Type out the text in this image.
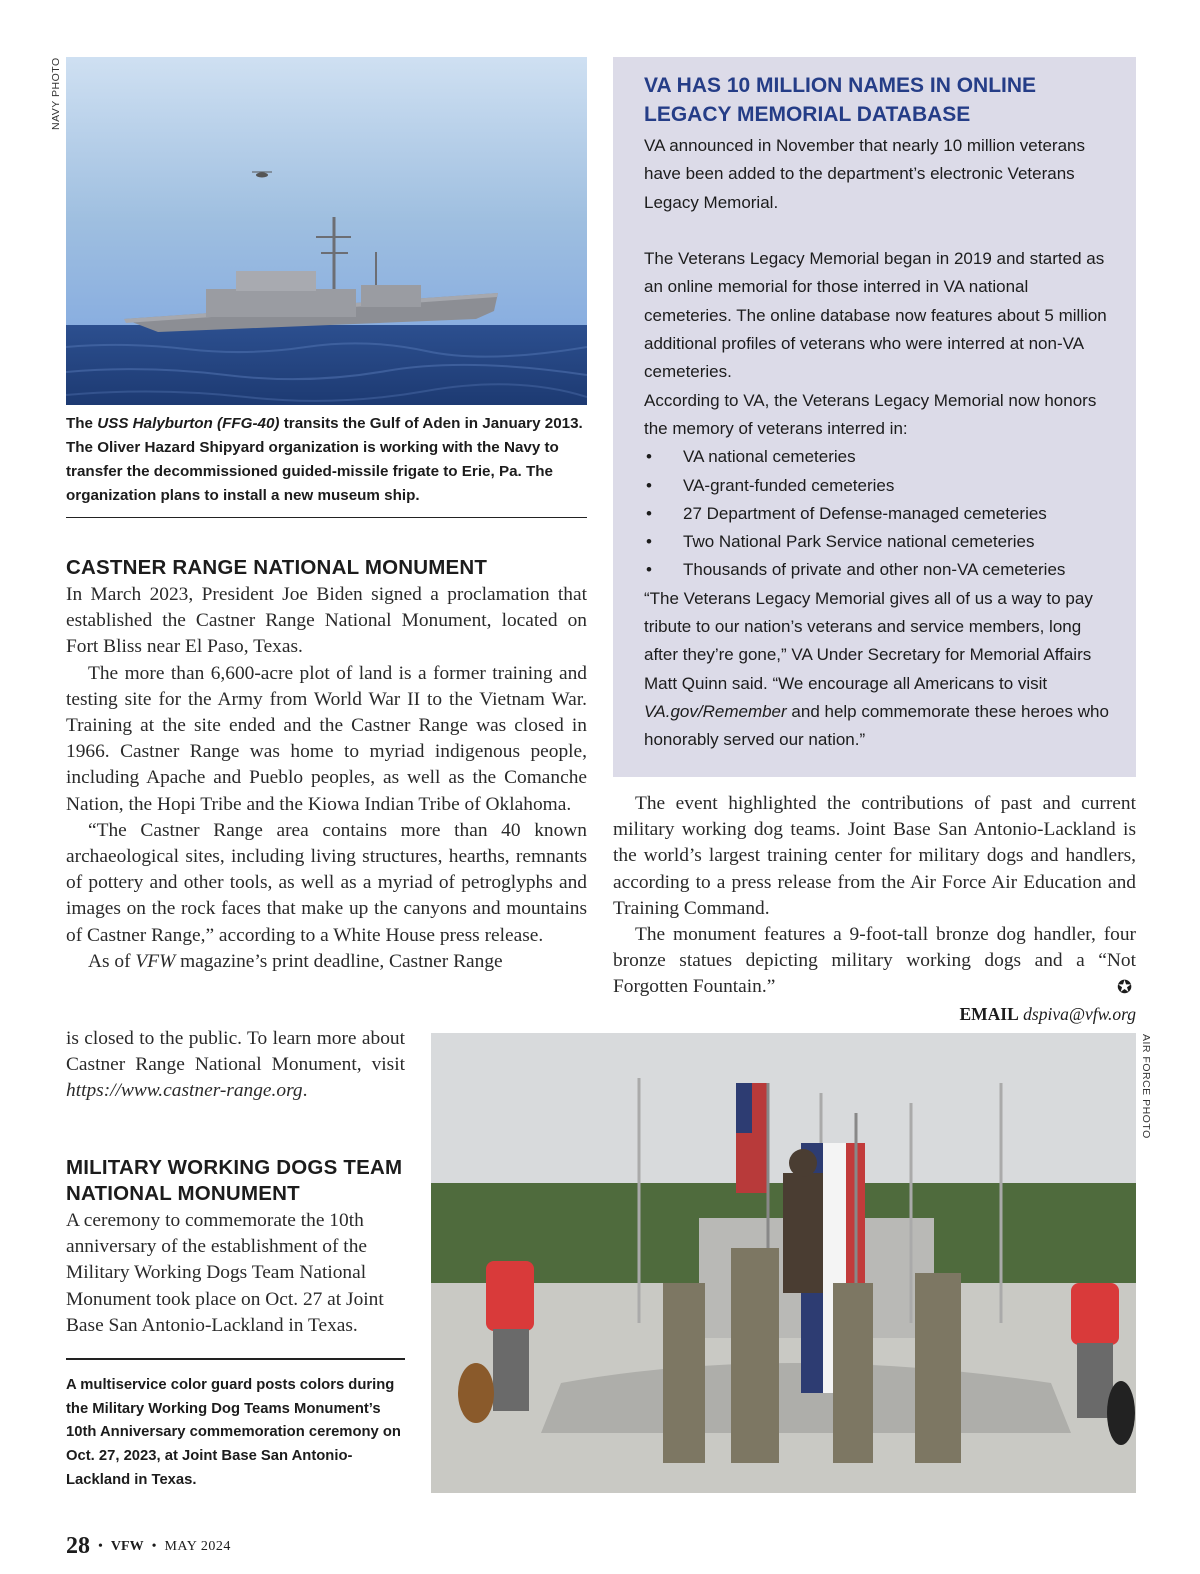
NAVY PHOTO
AIR FORCE PHOTO
The USS Halyburton (FFG-40) transits the Gulf of Aden in January 2013. The Oliver Hazard Shipyard organization is working with the Navy to transfer the decommissioned guided-missile frigate to Erie, Pa. The organization plans to install a new museum ship.
CASTNER RANGE NATIONAL MONUMENT

In March 2023, President Joe Biden signed a proclamation that established the Castner Range National Monument, located on Fort Bliss near El Paso, Texas.

The more than 6,600-acre plot of land is a former training and testing site for the Army from World War II to the Vietnam War. Training at the site ended and the Castner Range was closed in 1966. Castner Range was home to myriad indigenous people, including Apache and Pueblo peoples, as well as the Comanche Nation, the Hopi Tribe and the Kiowa Indian Tribe of Oklahoma.

“The Castner Range area contains more than 40 known archaeological sites, including living structures, hearths, remnants of pottery and other tools, as well as a myriad of petroglyphs and images on the rock faces that make up the canyons and mountains of Castner Range,” according to a White House press release.

As of VFW magazine’s print deadline, Castner Range

is closed to the public. To learn more about Castner Range National Monument, visit https://www.castner-range.org.
MILITARY WORKING DOGS TEAM NATIONAL MONUMENT
A ceremony to commemorate the 10th anniversary of the establishment of the Military Working Dogs Team National Monument took place on Oct. 27 at Joint Base San Antonio-Lackland in Texas.
A multiservice color guard posts colors during the Military Working Dog Teams Monument’s 10th Anniversary commemoration ceremony on Oct. 27, 2023, at Joint Base San Antonio-Lackland in Texas.
VA HAS 10 MILLION NAMES IN ONLINE LEGACY MEMORIAL DATABASE

VA announced in November that nearly 10 million veterans have been added to the department’s electronic Veterans Legacy Memorial.

The Veterans Legacy Memorial began in 2019 and started as an online memorial for those interred in VA national cemeteries. The online database now features about 5 million additional profiles of veterans who were interred at non-VA cemeteries.

According to VA, the Veterans Legacy Memorial now honors the memory of veterans interred in:

• VA national cemeteries
• VA-grant-funded cemeteries
• 27 Department of Defense-managed cemeteries
• Two National Park Service national cemeteries
• Thousands of private and other non-VA cemeteries

“The Veterans Legacy Memorial gives all of us a way to pay tribute to our nation’s veterans and service members, long after they’re gone,” VA Under Secretary for Memorial Affairs Matt Quinn said. “We encourage all Americans to visit VA.gov/Remember and help commemorate these heroes who honorably served our nation.”

The event highlighted the contributions of past and current military working dog teams. Joint Base San Antonio-Lackland is the world’s largest training center for military dogs and handlers, according to a press release from the Air Force Air Education and Training Command.

The monument features a 9-foot-tall bronze dog handler, four bronze statues depicting military working dogs and a “Not Forgotten Fountain.”	✪
EMAIL dspiva@vfw.org
28 • VFW • MAY 2024
